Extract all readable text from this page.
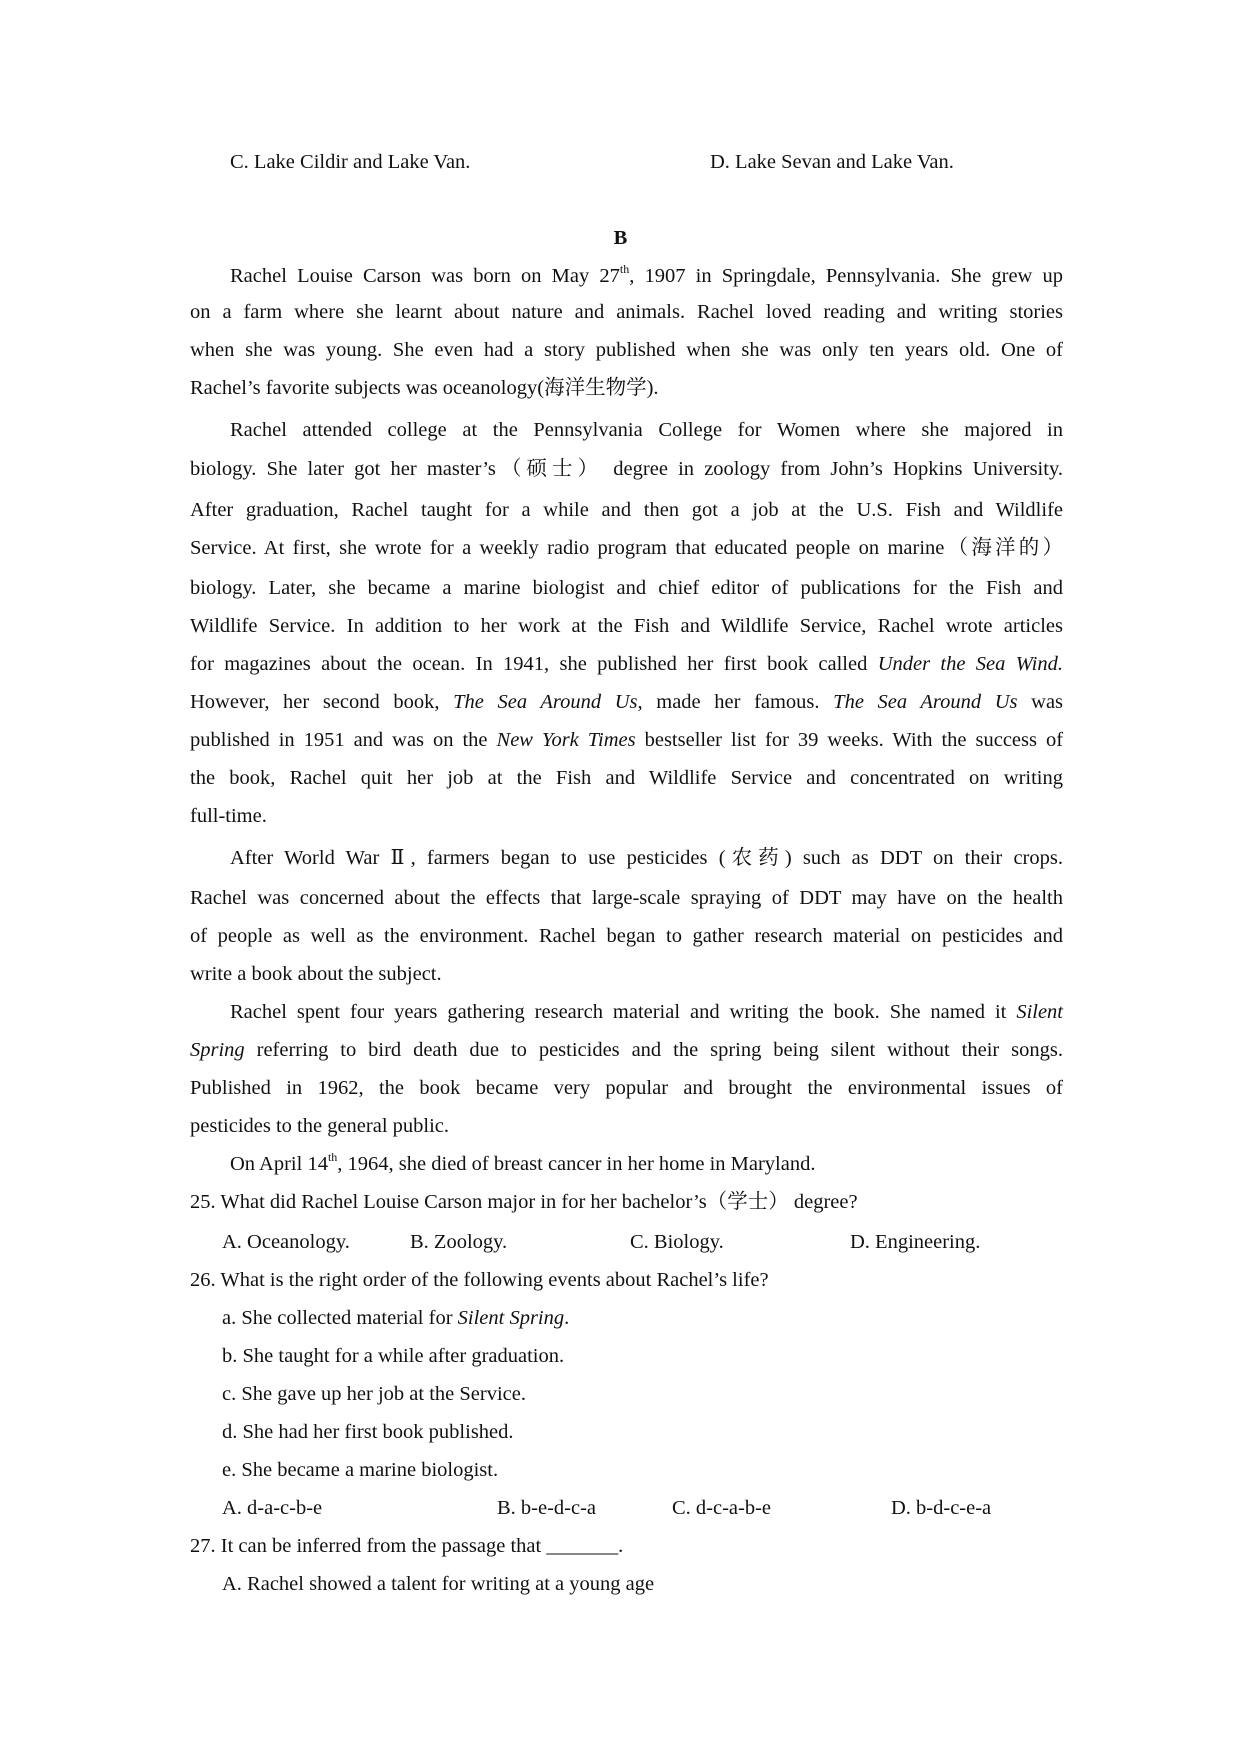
C. Lake Cildir and Lake Van.	D. Lake Sevan and Lake Van.
B
Rachel Louise Carson was born on May 27th, 1907 in Springdale, Pennsylvania. She grew up
on a farm where she learnt about nature and animals. Rachel loved reading and writing stories
when she was young. She even had a story published when she was only ten years old. One of
Rachel’s favorite subjects was oceanology(海洋生物学).
Rachel attended college at the Pennsylvania College for Women where she majored in
biology. She later got her master’s（硕士） degree in zoology from John’s Hopkins University.
After graduation, Rachel taught for a while and then got a job at the U.S. Fish and Wildlife
Service. At first, she wrote for a weekly radio program that educated people on marine（海洋的）
biology. Later, she became a marine biologist and chief editor of publications for the Fish and
Wildlife Service. In addition to her work at the Fish and Wildlife Service, Rachel wrote articles
for magazines about the ocean. In 1941, she published her first book called Under the Sea Wind.
However, her second book, The Sea Around Us, made her famous. The Sea Around Us was
published in 1951 and was on the New York Times bestseller list for 39 weeks. With the success of
the book, Rachel quit her job at the Fish and Wildlife Service and concentrated on writing
full-time.
After World War Ⅱ, farmers began to use pesticides (农药) such as DDT on their crops.
Rachel was concerned about the effects that large-scale spraying of DDT may have on the health
of people as well as the environment. Rachel began to gather research material on pesticides and
write a book about the subject.
Rachel spent four years gathering research material and writing the book. She named it Silent
Spring referring to bird death due to pesticides and the spring being silent without their songs.
Published in 1962, the book became very popular and brought the environmental issues of
pesticides to the general public.
On April 14th, 1964, she died of breast cancer in her home in Maryland.
25. What did Rachel Louise Carson major in for her bachelor’s（学士） degree?
A. Oceanology.	B. Zoology.	C. Biology.	D. Engineering.
26. What is the right order of the following events about Rachel’s life?
a. She collected material for Silent Spring.
b. She taught for a while after graduation.
c. She gave up her job at the Service.
d. She had her first book published.
e. She became a marine biologist.
A. d-a-c-b-e	B. b-e-d-c-a	C. d-c-a-b-e	D. b-d-c-e-a
27. It can be inferred from the passage that _______.
A. Rachel showed a talent for writing at a young age
